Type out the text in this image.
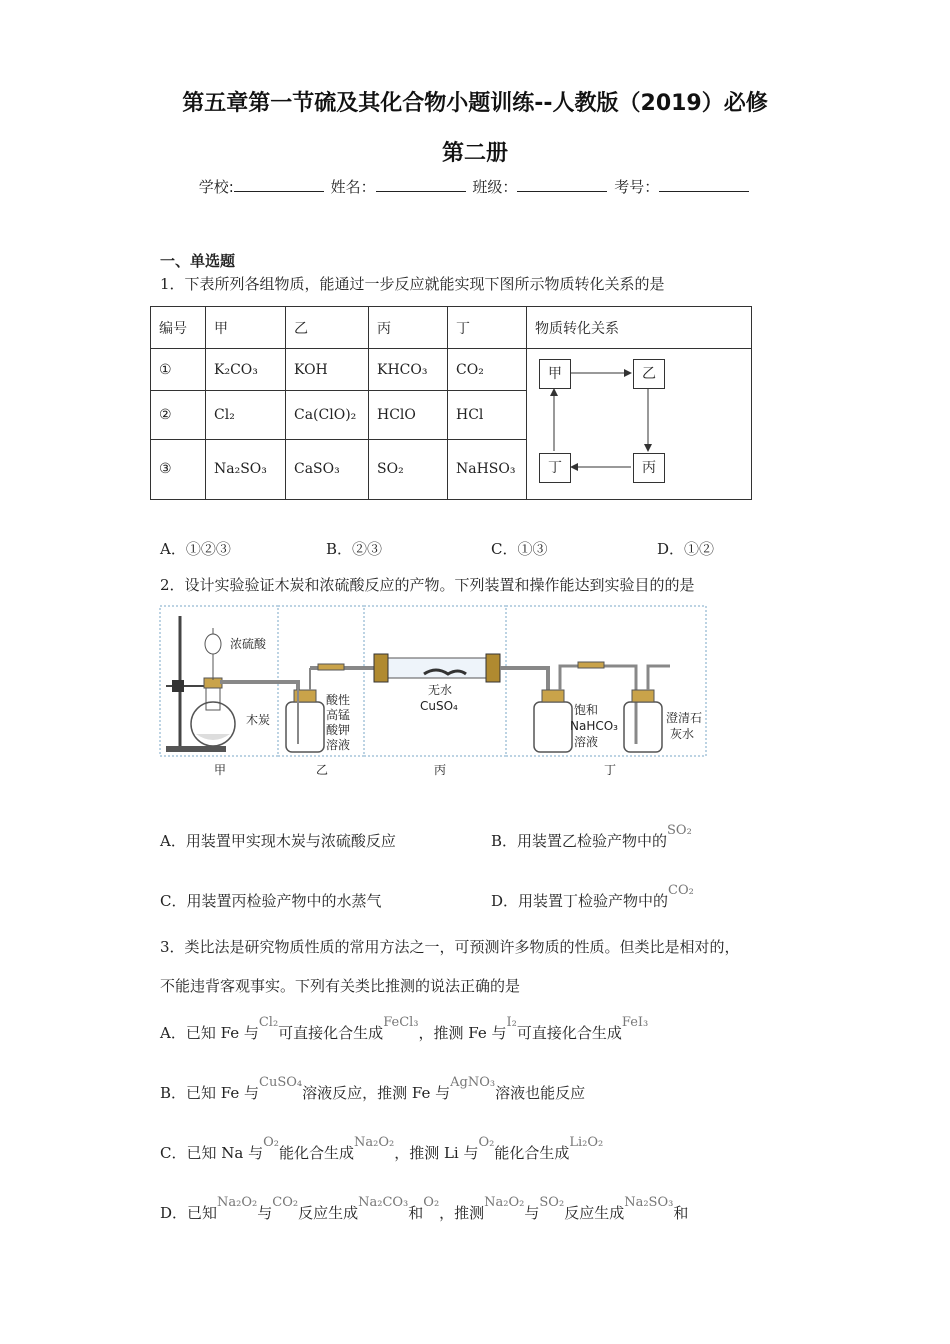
第五章第一节硫及其化合物小题训练--人教版（2019）必修
第二册
学校:	姓名：	班级：	考号：
一、单选题
1．下表所列各组物质，能通过一步反应就能实现下图所示物质转化关系的是
编号	甲	乙	丙	丁	物质转化关系
①	K₂CO₃	KOH	KHCO₃	CO₂	甲 乙
丙
丁

②	Cl₂	Ca(ClO)₂	HClO	HCl	
③	Na₂SO₃	CaSO₃	SO₂	NaHSO₃	
A．①②③	B．②③	C．①③	D．①②
2．设计实验验证木炭和浓硫酸反应的产物。下列装置和操作能达到实验目的的是
浓硫酸
木炭
酸性
高锰
酸钾
溶液
无水
CuSO₄	饱和
NaHCO₃
溶液
澄清石
灰水
甲	乙	丙	丁
A．用装置甲实现木炭与浓硫酸反应	B．用装置乙检验产物中的SO₂
C．用装置丙检验产物中的水蒸气	D．用装置丁检验产物中的CO₂
3．类比法是研究物质性质的常用方法之一，可预测许多物质的性质。但类比是相对的，
不能违背客观事实。下列有关类比推测的说法正确的是
A．已知 Fe 与Cl₂可直接化合生成FeCl₃，推测 Fe 与I₂可直接化合生成FeI₃
B．已知 Fe 与CuSO₄溶液反应，推测 Fe 与AgNO₃溶液也能反应
C．已知 Na 与O₂能化合生成Na₂O₂，推测 Li 与O₂能化合生成Li₂O₂
D．已知Na₂O₂与CO₂反应生成Na₂CO₃和O₂，推测Na₂O₂与SO₂反应生成Na₂SO₃和
